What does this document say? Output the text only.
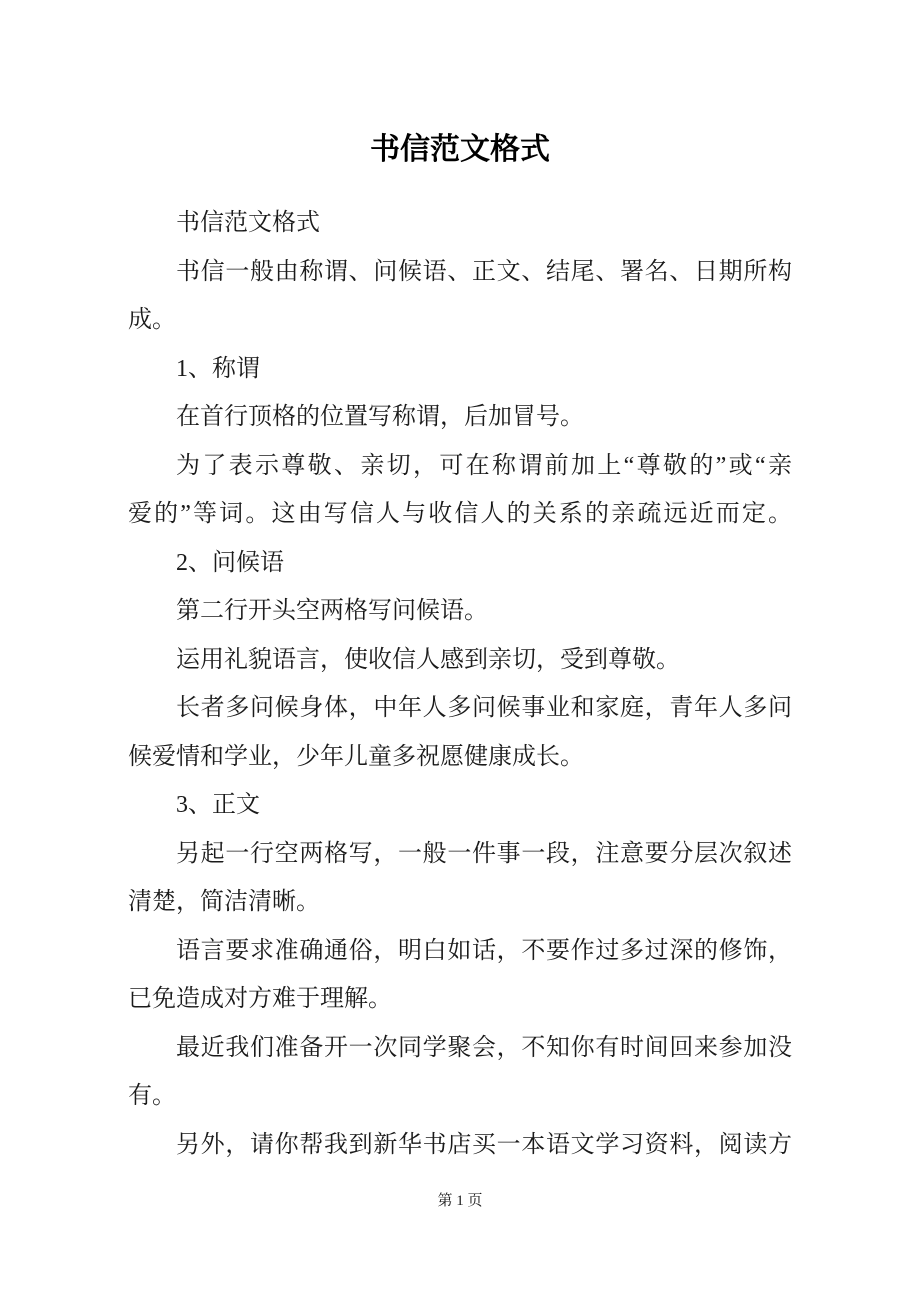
书信范文格式
书信范文格式
书信一般由称谓、问候语、正文、结尾、署名、日期所构
成。
1、称谓
在首行顶格的位置写称谓，后加冒号。
为了表示尊敬、亲切，可在称谓前加上“尊敬的”或“亲
爱的”等词。这由写信人与收信人的关系的亲疏远近而定。
2、问候语
第二行开头空两格写问候语。
运用礼貌语言，使收信人感到亲切，受到尊敬。
长者多问候身体，中年人多问候事业和家庭，青年人多问
候爱情和学业，少年儿童多祝愿健康成长。
3、正文
另起一行空两格写，一般一件事一段，注意要分层次叙述
清楚，简洁清晰。
语言要求准确通俗，明白如话，不要作过多过深的修饰，
已免造成对方难于理解。
最近我们准备开一次同学聚会，不知你有时间回来参加没
有。
另外，请你帮我到新华书店买一本语文学习资料，阅读方
第 1 页
